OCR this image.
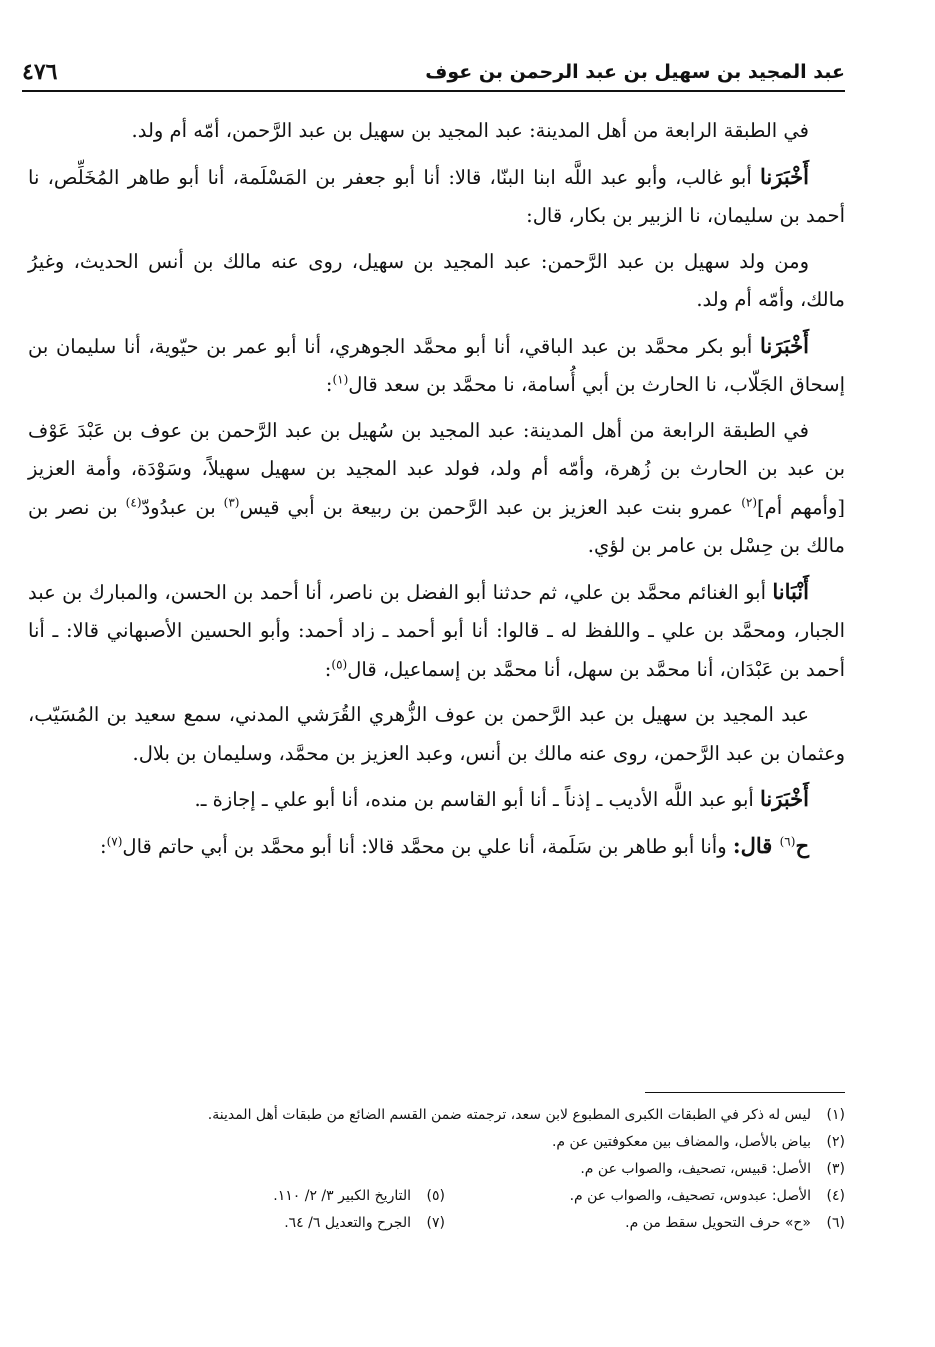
عبد المجيد بن سهيل بن عبد الرحمن بن عوف
٤٧٦

في الطبقة الرابعة من أهل المدينة: عبد المجيد بن سهيل بن عبد الرَّحمن، أمّه أم ولد.

أَخْبَرَنا أبو غالب، وأبو عبد اللَّه ابنا البنّا، قالا: أنا أبو جعفر بن المَسْلَمة، أنا أبو طاهر المُخَلِّص، نا أحمد بن سليمان، نا الزبير بن بكار، قال:

ومن ولد سهيل بن عبد الرَّحمن: عبد المجيد بن سهيل، روى عنه مالك بن أنس الحديث، وغيرُ مالك، وأمّه أم ولد.

أَخْبَرَنا أبو بكر محمَّد بن عبد الباقي، أنا أبو محمَّد الجوهري، أنا أبو عمر بن حيّوية، أنا سليمان بن إسحاق الجَلّاب، نا الحارث بن أبي أُسامة، نا محمَّد بن سعد قال$^{(١)}$:

في الطبقة الرابعة من أهل المدينة: عبد المجيد بن سُهيل بن عبد الرَّحمن بن عوف بن عَبْدَ عَوْف بن عبد بن الحارث بن زُهرة، وأمّه أم ولد، فولد عبد المجيد بن سهيل سهيلاً، وسَوْدَة، وأمة العزيز [وأمهم أم]$^{(٢)}$ عمرو بنت عبد العزيز بن عبد الرَّحمن بن ربيعة بن أبي قيس$^{(٣)}$ بن عبدُودّ$^{(٤)}$ بن نصر بن مالك بن حِسْل بن عامر بن لؤي.

أَنْبَانا أبو الغنائم محمَّد بن علي، ثم حدثنا أبو الفضل بن ناصر، أنا أحمد بن الحسن، والمبارك بن عبد الجبار، ومحمَّد بن علي ـ واللفظ له ـ قالوا: أنا أبو أحمد ـ زاد أحمد: وأبو الحسين الأصبهاني قالا: ـ أنا أحمد بن عَبْدَان، أنا محمَّد بن سهل، أنا محمَّد بن إسماعيل، قال$^{(٥)}$:

عبد المجيد بن سهيل بن عبد الرَّحمن بن عوف الزُّهري القُرَشي المدني، سمع سعيد بن المُسَيّب، وعثمان بن عبد الرَّحمن، روى عنه مالك بن أنس، وعبد العزيز بن محمَّد، وسليمان بن بلال.

أَخْبَرَنا أبو عبد اللَّه الأديب ـ إذناً ـ أنا أبو القاسم بن منده، أنا أبو علي ـ إجازة ـ.

ح$^{(٦)}$ قال: وأنا أبو طاهر بن سَلَمة، أنا علي بن محمَّد قالا: أنا أبو محمَّد بن أبي حاتم قال$^{(٧)}$:

(١)ليس له ذكر في الطبقات الكبرى المطبوع لابن سعد، ترجمته ضمن القسم الضائع من طبقات أهل المدينة.
(٢)بياض بالأصل، والمضاف بين معكوفتين عن م.
(٣)الأصل: قبيس، تصحيف، والصواب عن م.
(٤)الأصل: عبدوس، تصحيف، والصواب عن م.
(٥)التاريخ الكبير ٣/ ٢/ ١١٠.
(٦)«ح» حرف التحويل سقط من م.
(٧)الجرح والتعديل ٦/ ٦٤.
